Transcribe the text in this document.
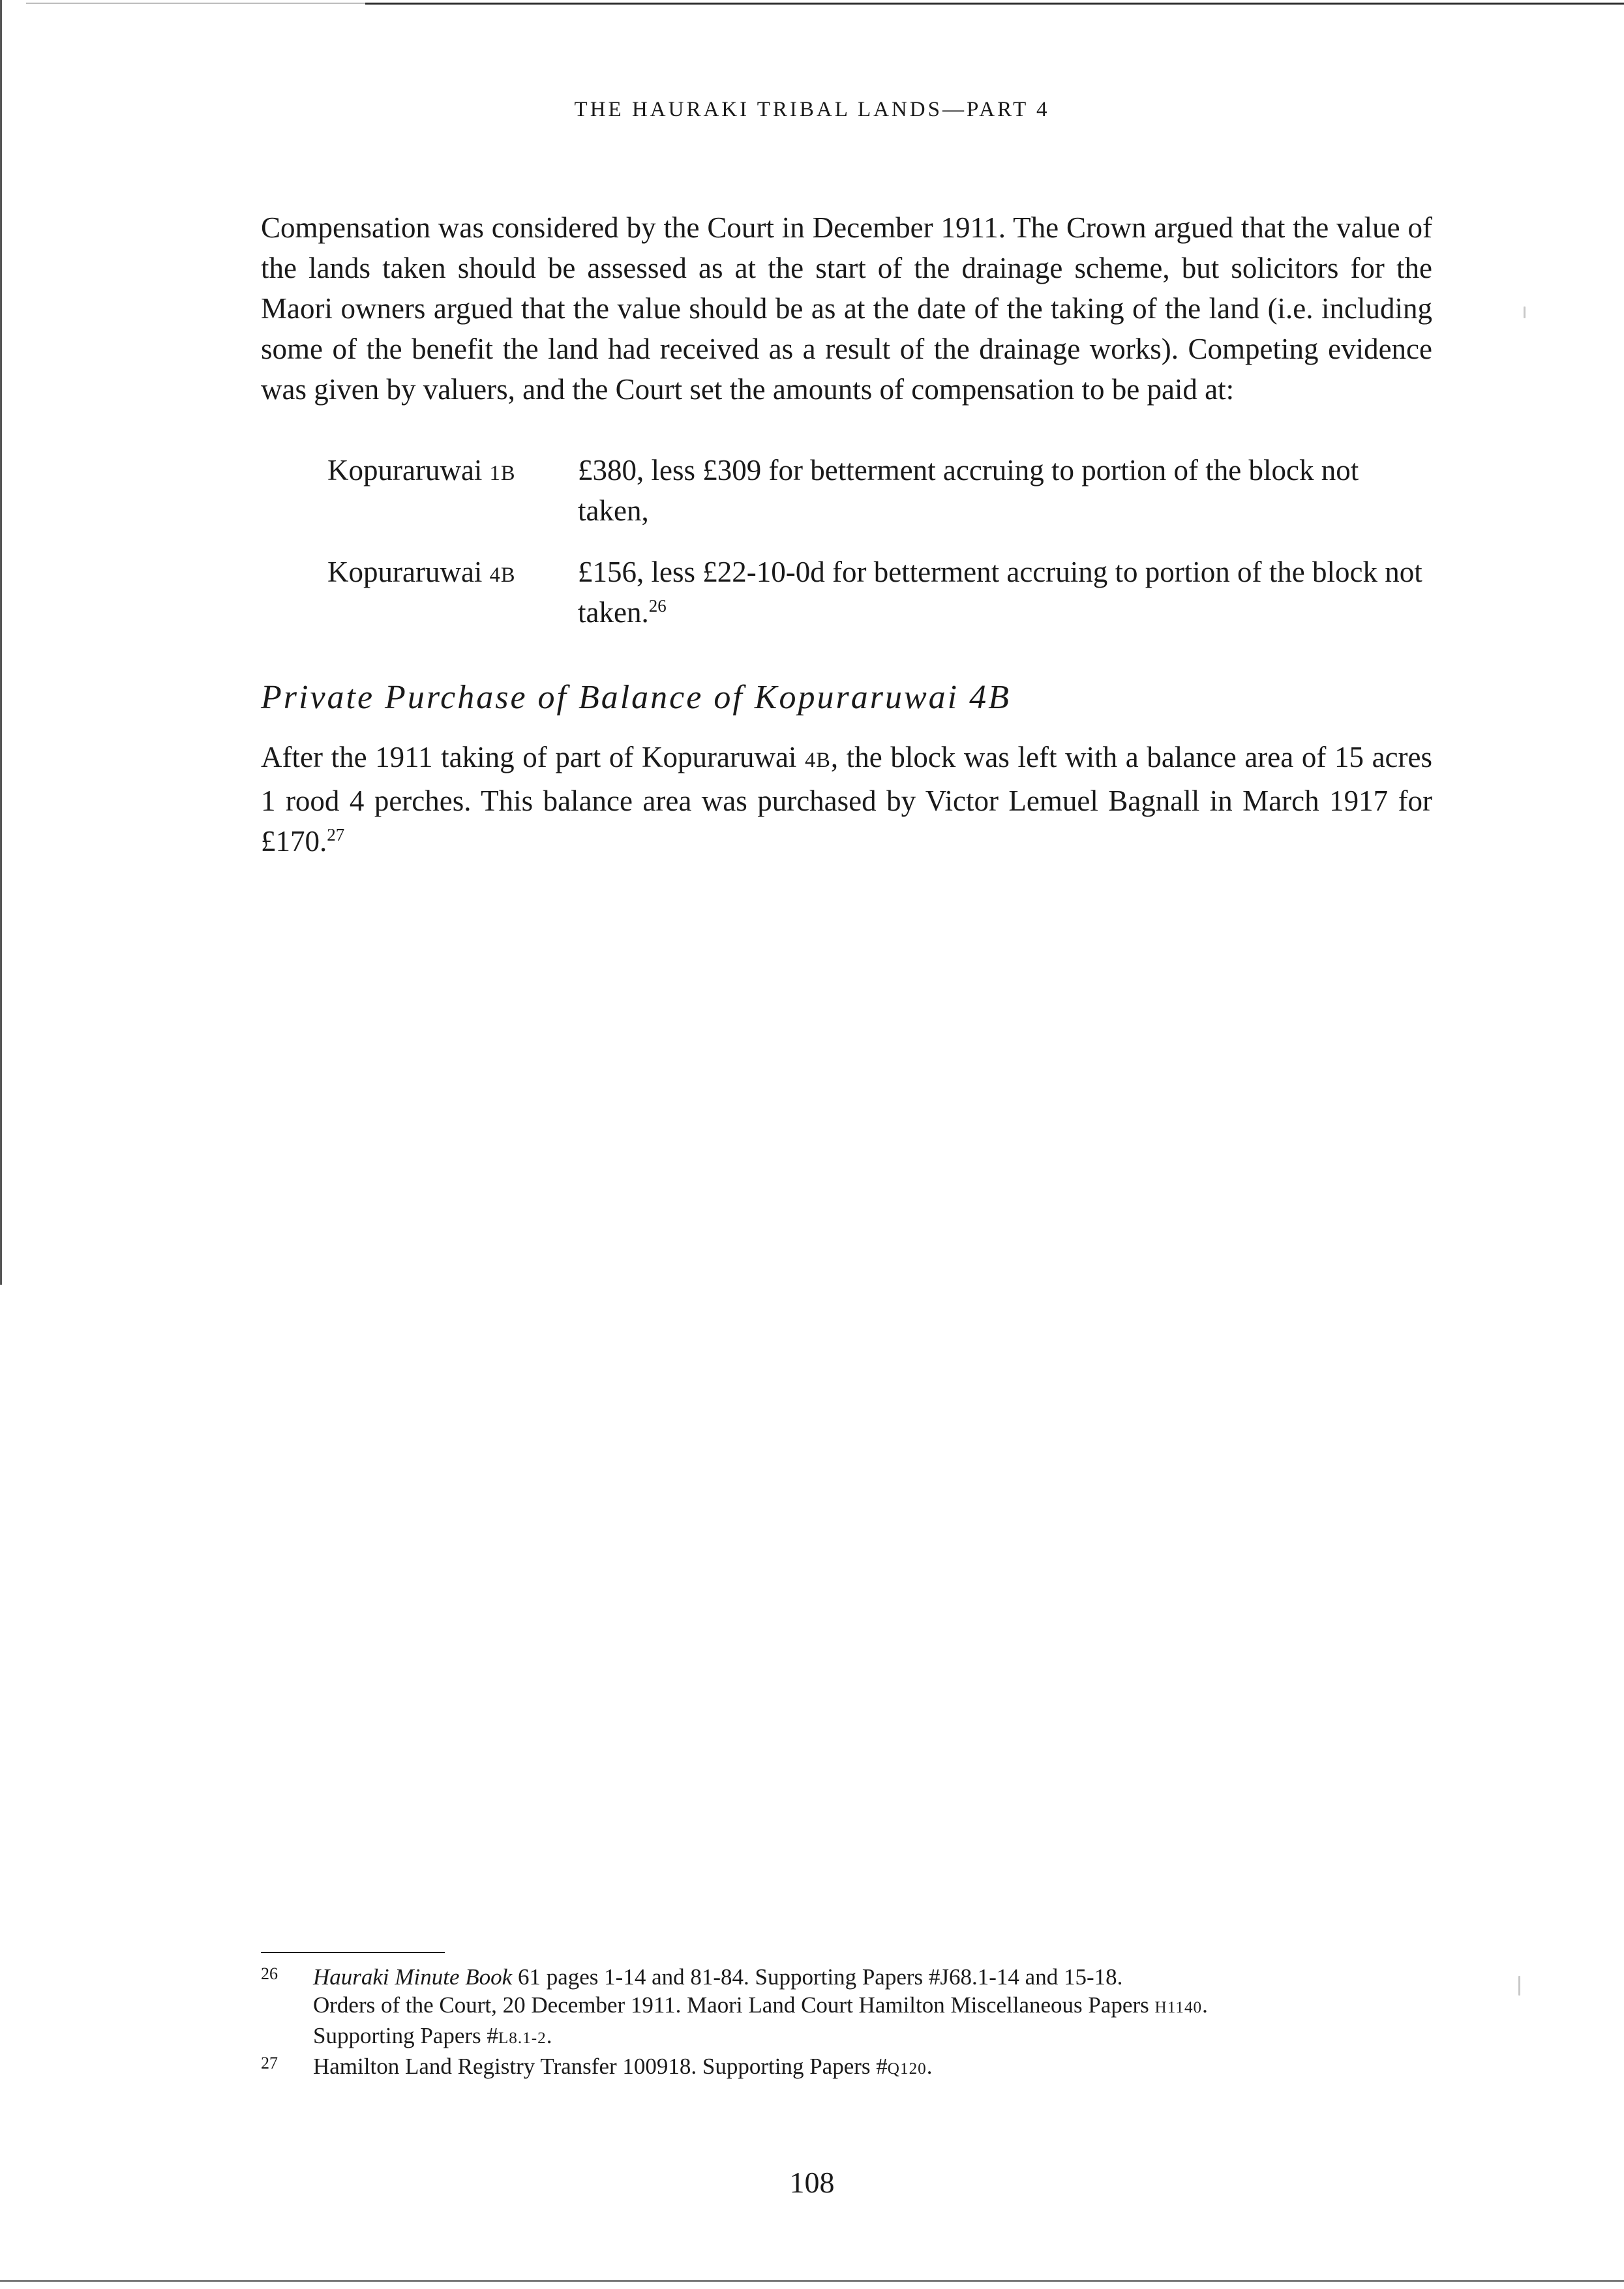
THE HAURAKI TRIBAL LANDS—PART 4

Compensation was considered by the Court in December 1911. The Crown argued that the value of the lands taken should be assessed as at the start of the drainage scheme, but solicitors for the Maori owners argued that the value should be as at the date of the taking of the land (i.e. including some of the benefit the land had received as a result of the drainage works). Competing evidence was given by valuers, and the Court set the amounts of compensation to be paid at:

Kopuraruwai 1B	£380, less £309 for betterment accruing to portion of the block not taken,
Kopuraruwai 4B	£156, less £22-10-0d for betterment accruing to portion of the block not taken.$^{26}$
Private Purchase of Balance of Kopuraruwai 4B

After the 1911 taking of part of Kopuraruwai 4B, the block was left with a balance area of 15 acres 1 rood 4 perches. This balance area was purchased by Victor Lemuel Bagnall in March 1917 for £170.27

26	Hauraki Minute Book 61 pages 1-14 and 81-84. Supporting Papers #J68.1-14 and 15-18.
Orders of the Court, 20 December 1911. Maori Land Court Hamilton Miscellaneous Papers H1140.
Supporting Papers #L8.1-2.
27	Hamilton Land Registry Transfer 100918. Supporting Papers #Q120.
108
